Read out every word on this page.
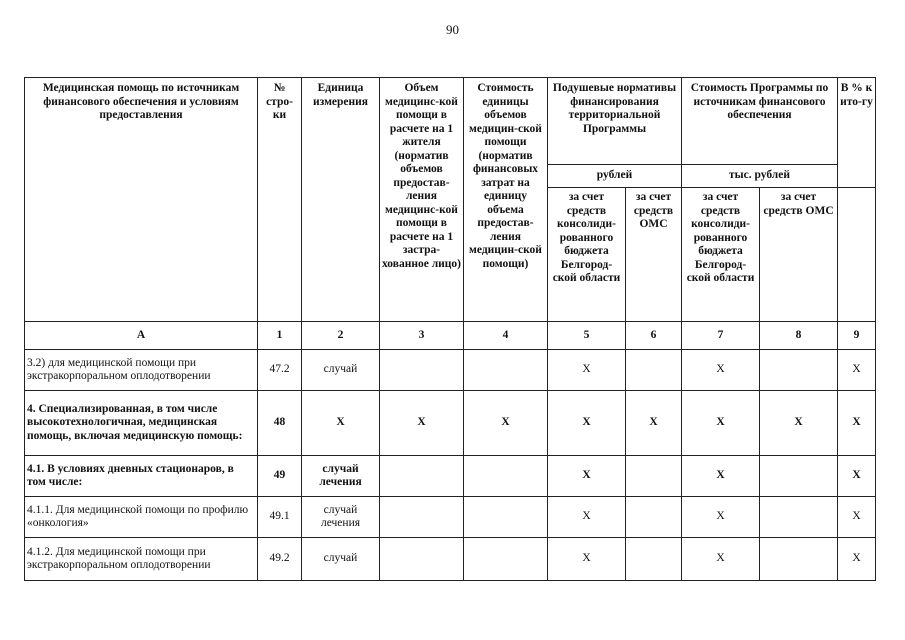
90
Медицинская помощь по источникам финансового обеспечения и условиям предоставления	№ стро-ки	Единица измерения	Объем медицинс-кой помощи в расчете на 1 жителя (норматив объемов предостав-ления медицинс-кой помощи в расчете на 1 застра-хованное лицо)	Стоимость единицы объемов медицин-ской помощи (норматив финансовых затрат на единицу объема предостав-ления медицин-ской помощи)	Подушевые нормативы финансирования территориальной Программы		Стоимость Программы по источникам финансового обеспечения		В % к ито-гу
					рублей		тыс. рублей		
					за счет средств консолиди-рованного бюджета Белгород-ской области	за счет средств ОМС	за счет средств консолиди-рованного бюджета Белгород-ской области	за счет средств ОМС	
А	1	2	3	4	5	6	7	8	9
3.2) для медицинской помощи при экстракорпоральном оплодотворении	47.2	случай			X		X		X
4. Специализированная, в том числе высокотехнологичная, медицинская помощь, включая медицинскую помощь:	48	X	X	X	X	X	X	X	X
4.1. В условиях дневных стационаров, в том числе:	49	случай лечения			X		X		X
4.1.1. Для медицинской помощи по профилю «онкология»	49.1	случай лечения			X		X		X
4.1.2. Для медицинской помощи при экстракорпоральном оплодотворении	49.2	случай			X		X		X
